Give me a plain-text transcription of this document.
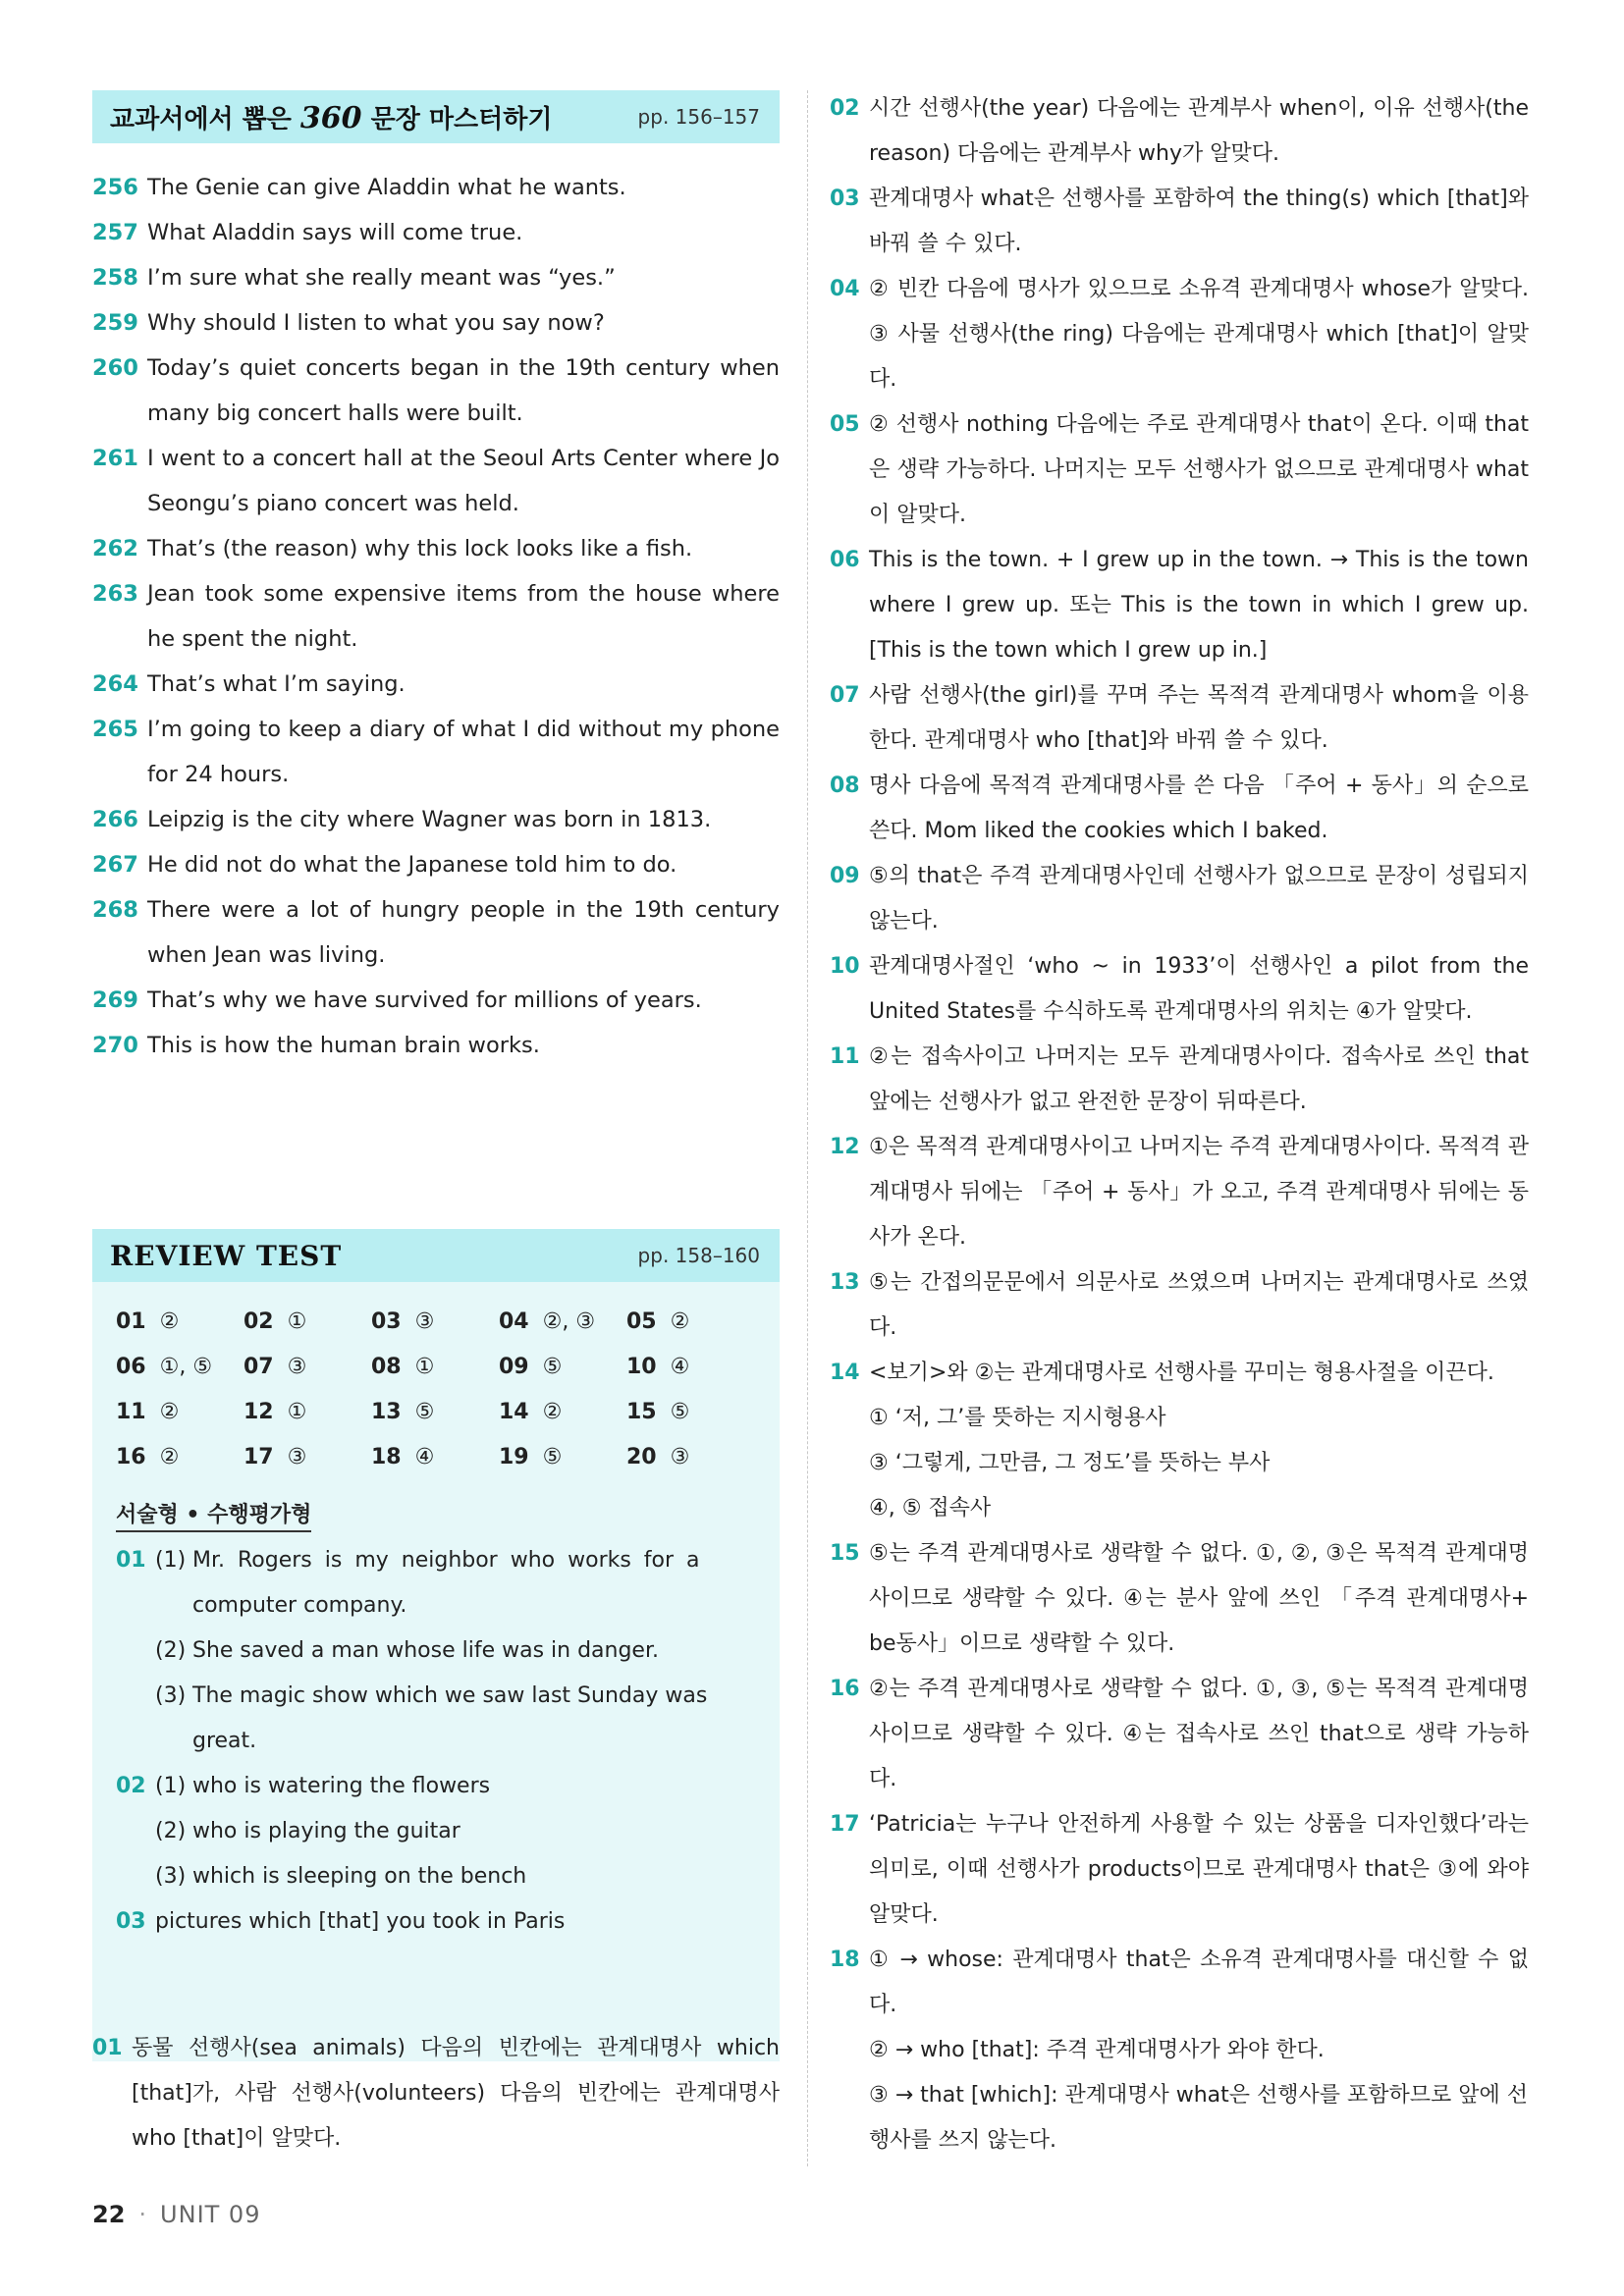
교과서에서 뽑은 360 문장 마스터하기	pp. 156–157
256 The Genie can give Aladdin what he wants.
257 What Aladdin says will come true.
258 I’m sure what she really meant was “yes.”
259 Why should I listen to what you say now?
260 Today’s quiet concerts began in the 19th century when many big concert halls were built.
261 I went to a concert hall at the Seoul Arts Center where Jo Seongu’s piano concert was held.
262 That’s (the reason) why this lock looks like a fish.
263 Jean took some expensive items from the house where he spent the night.
264 That’s what I’m saying.
265 I’m going to keep a diary of what I did without my phone for 24 hours.
266 Leipzig is the city where Wagner was born in 1813.
267 He did not do what the Japanese told him to do.
268 There were a lot of hungry people in the 19th century when Jean was living.
269 That’s why we have survived for millions of years.
270 This is how the human brain works.
REVIEW TEST	pp. 158–160
01 ②	02 ①	03 ③	04 ②, ③	05 ②
06 ①, ⑤	07 ③	08 ①	09 ⑤	10 ④
11 ②	12 ①	13 ⑤	14 ②	15 ⑤
16 ②	17 ③	18 ④	19 ⑤	20 ③
서술형 • 수행평가형
01 (1) Mr. Rogers is my neighbor who works for a
computer company.
(2) She saved a man whose life was in danger.
(3) The magic show which we saw last Sunday was
great.
02 (1) who is watering the flowers
(2) who is playing the guitar
(3) which is sleeping on the bench
03 pictures which [that] you took in Paris
01 동물 선행사(sea animals) 다음의 빈칸에는 관계대명사 which [that]가, 사람 선행사(volunteers) 다음의 빈칸에는 관계대명사 who [that]이 알맞다.
02 시간 선행사(the year) 다음에는 관계부사 when이, 이유 선행사(the reason) 다음에는 관계부사 why가 알맞다.
03 관계대명사 what은 선행사를 포함하여 the thing(s) which [that]와 바꿔 쓸 수 있다.
04 ② 빈칸 다음에 명사가 있으므로 소유격 관계대명사 whose가 알맞다. ③ 사물 선행사(the ring) 다음에는 관계대명사 which [that]이 알맞다.
05 ② 선행사 nothing 다음에는 주로 관계대명사 that이 온다. 이때 that은 생략 가능하다. 나머지는 모두 선행사가 없으므로 관계대명사 what이 알맞다.
06 This is the town. + I grew up in the town. → This is the town where I grew up. 또는 This is the town in which I grew up. [This is the town which I grew up in.]
07 사람 선행사(the girl)를 꾸며 주는 목적격 관계대명사 whom을 이용한다. 관계대명사 who [that]와 바꿔 쓸 수 있다.
08 명사 다음에 목적격 관계대명사를 쓴 다음 「주어 + 동사」의 순으로 쓴다. Mom liked the cookies which I baked.
09 ⑤의 that은 주격 관계대명사인데 선행사가 없으므로 문장이 성립되지 않는다.
10 관계대명사절인 ‘who ~ in 1933’이 선행사인 a pilot from the United States를 수식하도록 관계대명사의 위치는 ④가 알맞다.
11 ②는 접속사이고 나머지는 모두 관계대명사이다. 접속사로 쓰인 that 앞에는 선행사가 없고 완전한 문장이 뒤따른다.
12 ①은 목적격 관계대명사이고 나머지는 주격 관계대명사이다. 목적격 관계대명사 뒤에는 「주어 + 동사」가 오고, 주격 관계대명사 뒤에는 동사가 온다.
13 ⑤는 간접의문문에서 의문사로 쓰였으며 나머지는 관계대명사로 쓰였다.
14 <보기>와 ②는 관계대명사로 선행사를 꾸미는 형용사절을 이끈다.
① ‘저, 그’를 뜻하는 지시형용사
③ ‘그렇게, 그만큼, 그 정도’를 뜻하는 부사
④, ⑤ 접속사
15 ⑤는 주격 관계대명사로 생략할 수 없다. ①, ②, ③은 목적격 관계대명사이므로 생략할 수 있다. ④는 분사 앞에 쓰인 「주격 관계대명사+ be동사」이므로 생략할 수 있다.
16 ②는 주격 관계대명사로 생략할 수 없다. ①, ③, ⑤는 목적격 관계대명사이므로 생략할 수 있다. ④는 접속사로 쓰인 that으로 생략 가능하다.
17 ‘Patricia는 누구나 안전하게 사용할 수 있는 상품을 디자인했다’라는 의미로, 이때 선행사가 products이므로 관계대명사 that은 ③에 와야 알맞다.
18 ① → whose: 관계대명사 that은 소유격 관계대명사를 대신할 수 없다.
② → who [that]: 주격 관계대명사가 와야 한다.
③ → that [which]: 관계대명사 what은 선행사를 포함하므로 앞에 선행사를 쓰지 않는다.
22 · UNIT 09
